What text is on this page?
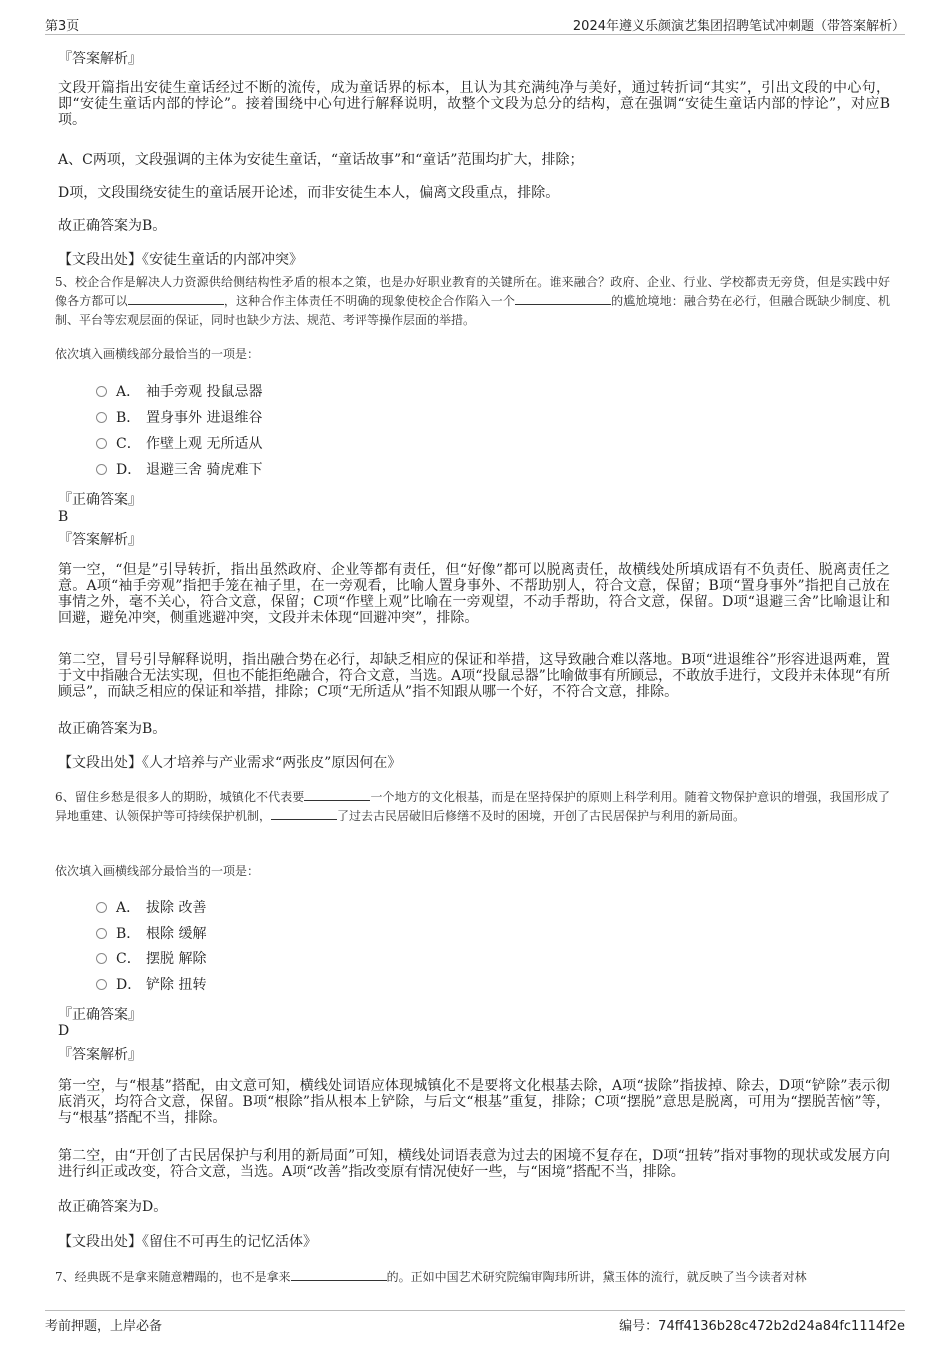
第3页	2024年遵义乐颜演艺集团招聘笔试冲刺题（带答案解析）
『答案解析』
文段开篇指出安徒生童话经过不断的流传，成为童话界的标本，且认为其充满纯净与美好，通过转折词“其实”，引出文段的中心句，即“安徒生童话内部的悖论”。接着围绕中心句进行解释说明，故整个文段为总分的结构，意在强调“安徒生童话内部的悖论”，对应B项。
A、C两项，文段强调的主体为安徒生童话，“童话故事”和“童话”范围均扩大，排除；
D项，文段围绕安徒生的童话展开论述，而非安徒生本人，偏离文段重点，排除。
故正确答案为B。
【文段出处】《安徒生童话的内部冲突》
5、校企合作是解决人力资源供给侧结构性矛盾的根本之策，也是办好职业教育的关键所在。谁来融合？政府、企业、行业、学校都责无旁贷，但是实践中好像各方都可以	，这种合作主体责任不明确的现象使校企合作陷入一个	的尴尬境地：融合势在必行，但融合既缺少制度、机制、平台等宏观层面的保证，同时也缺少方法、规范、考评等操作层面的举措。
依次填入画横线部分最恰当的一项是：
A． 袖手旁观 投鼠忌器
B． 置身事外 进退维谷
C． 作壁上观 无所适从
D． 退避三舍 骑虎难下
『正确答案』
B
『答案解析』
第一空，“但是”引导转折，指出虽然政府、企业等都有责任，但“好像”都可以脱离责任，故横线处所填成语有不负责任、脱离责任之意。A项“袖手旁观”指把手笼在袖子里，在一旁观看，比喻人置身事外、不帮助别人，符合文意，保留；B项“置身事外”指把自己放在事情之外，毫不关心，符合文意，保留；C项“作壁上观”比喻在一旁观望，不动手帮助，符合文意，保留。D项“退避三舍”比喻退让和回避，避免冲突，侧重逃避冲突，文段并未体现“回避冲突”，排除。
第二空，冒号引导解释说明，指出融合势在必行，却缺乏相应的保证和举措，这导致融合难以落地。B项“进退维谷”形容进退两难，置于文中指融合无法实现，但也不能拒绝融合，符合文意，当选。A项“投鼠忌器”比喻做事有所顾忌，不敢放手进行，文段并未体现“有所顾忌”，而缺乏相应的保证和举措，排除；C项“无所适从”指不知跟从哪一个好，不符合文意，排除。
故正确答案为B。
【文段出处】《人才培养与产业需求“两张皮”原因何在》
6、留住乡愁是很多人的期盼，城镇化不代表要	一个地方的文化根基，而是在坚持保护的原则上科学利用。随着文物保护意识的增强，我国形成了异地重建、认领保护等可持续保护机制，	了过去古民居破旧后修缮不及时的困境，开创了古民居保护与利用的新局面。
依次填入画横线部分最恰当的一项是：
A． 拔除 改善
B． 根除 缓解
C． 摆脱 解除
D． 铲除 扭转
『正确答案』
D
『答案解析』
第一空，与“根基”搭配，由文意可知，横线处词语应体现城镇化不是要将文化根基去除，A项“拔除”指拔掉、除去，D项“铲除”表示彻底消灭，均符合文意，保留。B项“根除”指从根本上铲除，与后文“根基”重复，排除；C项“摆脱”意思是脱离，可用为“摆脱苦恼”等，与“根基”搭配不当，排除。
第二空，由“开创了古民居保护与利用的新局面”可知，横线处词语表意为过去的困境不复存在，D项“扭转”指对事物的现状或发展方向进行纠正或改变，符合文意，当选。A项“改善”指改变原有情况使好一些，与“困境”搭配不当，排除。
故正确答案为D。
【文段出处】《留住不可再生的记忆活体》
7、经典既不是拿来随意糟蹋的，也不是拿来	的。正如中国艺术研究院编审陶玮所讲，黛玉体的流行，就反映了当今读者对林
考前押题，上岸必备	编号：74ff4136b28c472b2d24a84fc1114f2e
